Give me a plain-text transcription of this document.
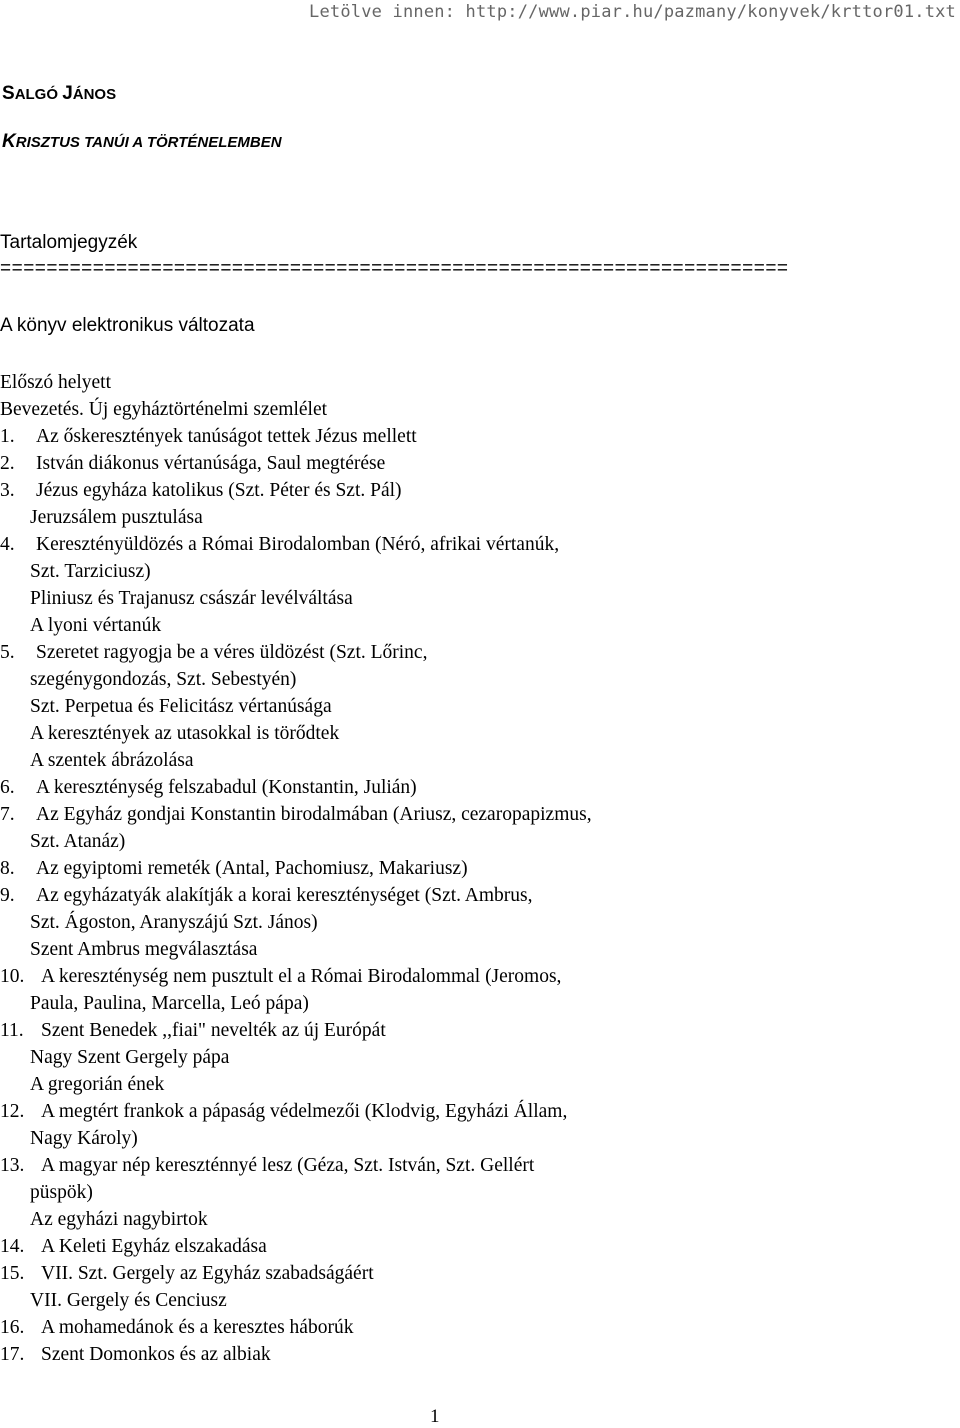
Letölve innen: http://www.piar.hu/pazmany/konyvek/krttor01.txt
SALGÓ JÁNOS
KRISZTUS TANÚI A TÖRTÉNELEMBEN
Tartalomjegyzék
====================================================================
A könyv elektronikus változata
Előszó helyett
Bevezetés. Új egyháztörténelmi szemlélet
1. Az őskeresztények tanúságot tettek Jézus mellett
2. István diákonus vértanúsága, Saul megtérése
3. Jézus egyháza katolikus (Szt. Péter és Szt. Pál)
Jeruzsálem pusztulása
4. Keresztényüldözés a Római Birodalomban (Néró, afrikai vértanúk,
Szt. Tarziciusz)
Pliniusz és Trajanusz császár levélváltása
A lyoni vértanúk
5. Szeretet ragyogja be a véres üldözést (Szt. Lőrinc,
szegénygondozás, Szt. Sebestyén)
Szt. Perpetua és Felicitász vértanúsága
A keresztények az utasokkal is törődtek
A szentek ábrázolása
6. A kereszténység felszabadul (Konstantin, Julián)
7. Az Egyház gondjai Konstantin birodalmában (Ariusz, cezaropapizmus,
Szt. Atanáz)
8. Az egyiptomi remeték (Antal, Pachomiusz, Makariusz)
9. Az egyházatyák alakítják a korai kereszténységet (Szt. Ambrus,
Szt. Ágoston, Aranyszájú Szt. János)
Szent Ambrus megválasztása
10. A kereszténység nem pusztult el a Római Birodalommal (Jeromos,
Paula, Paulina, Marcella, Leó pápa)
11. Szent Benedek ,,fiai" nevelték az új Európát
Nagy Szent Gergely pápa
A gregorián ének
12. A megtért frankok a pápaság védelmezői (Klodvig, Egyházi Állam,
Nagy Károly)
13. A magyar nép kereszténnyé lesz (Géza, Szt. István, Szt. Gellért
püspök)
Az egyházi nagybirtok
14. A Keleti Egyház elszakadása
15. VII. Szt. Gergely az Egyház szabadságáért
VII. Gergely és Cenciusz
16. A mohamedánok és a keresztes háborúk
17. Szent Domonkos és az albiak
1
